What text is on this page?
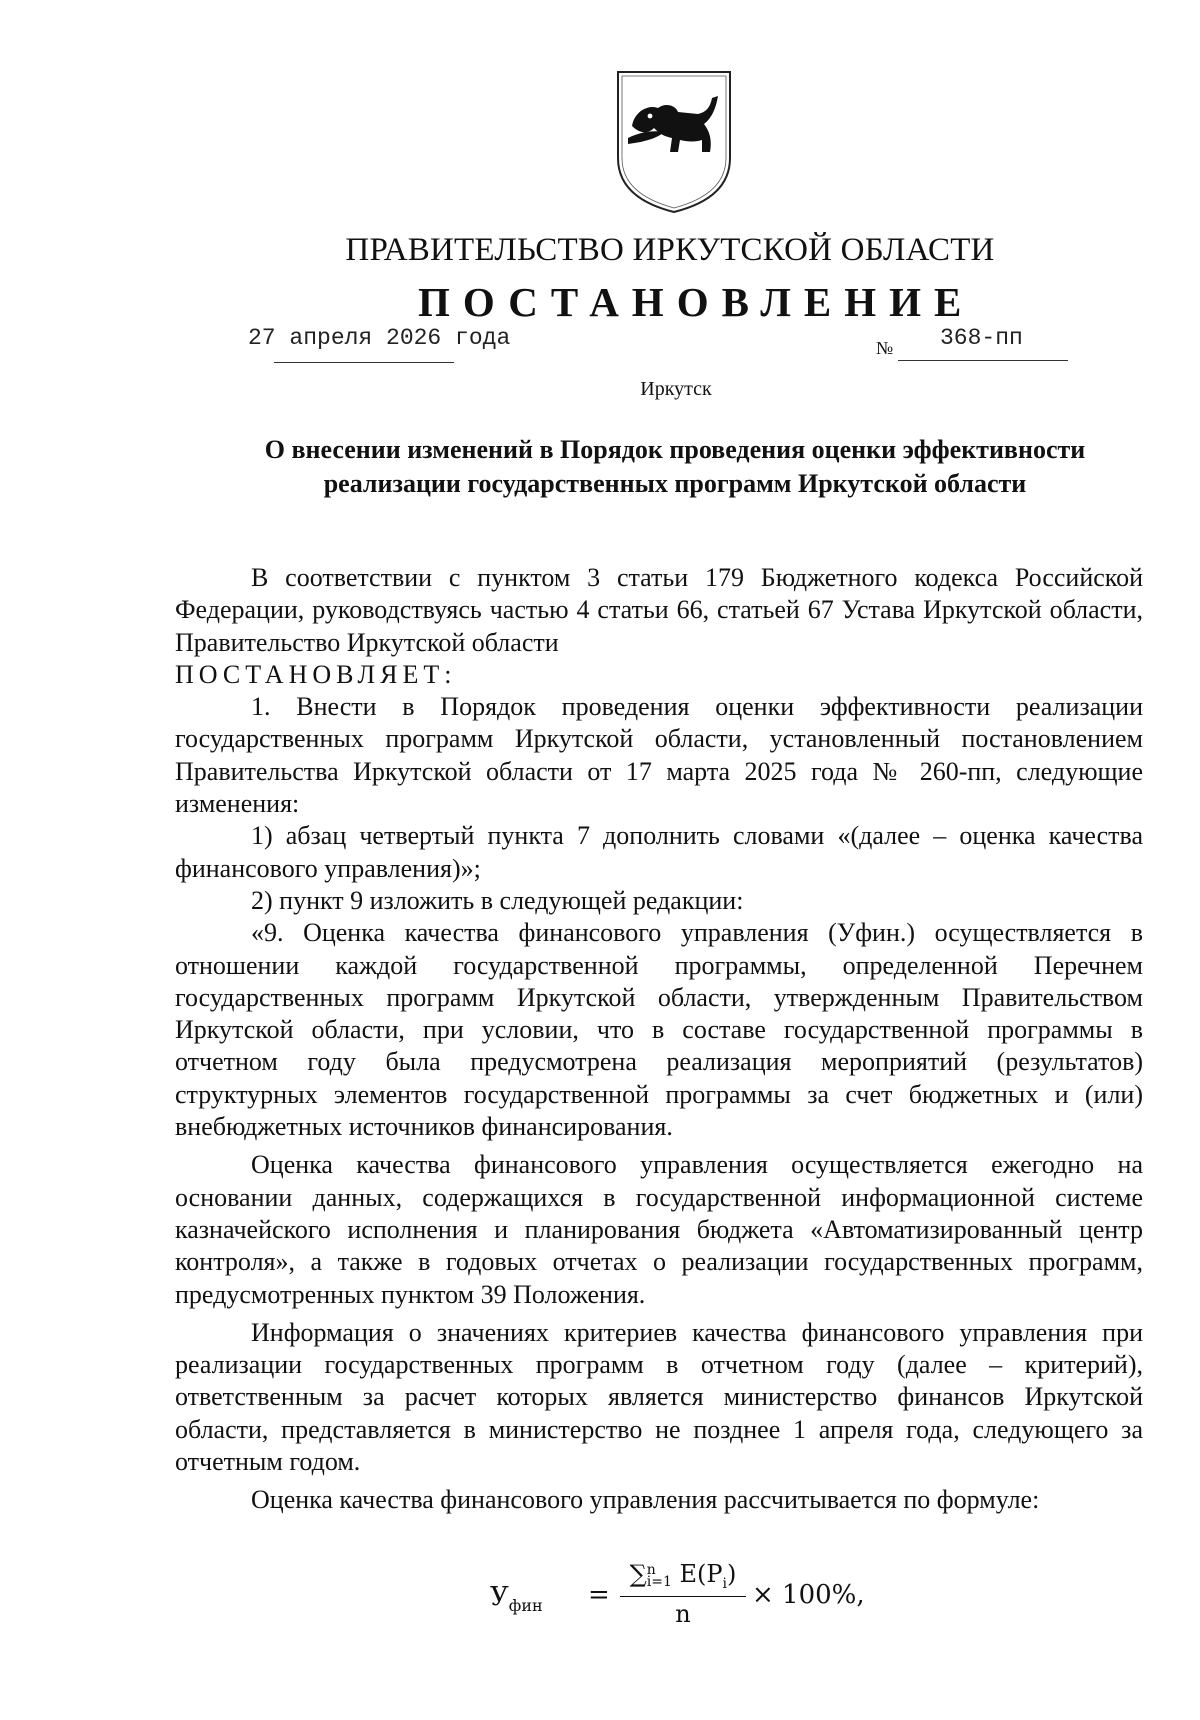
ПРАВИТЕЛЬСТВО ИРКУТСКОЙ ОБЛАСТИ
ПОСТАНОВЛЕНИЕ
27 апреля 2026 года	№ 368-пп
Иркутск
О внесении изменений в Порядок проведения оценки эффективности
реализации государственных программ Иркутской области

В соответствии с пунктом 3 статьи 179 Бюджетного кодекса Российской Федерации, руководствуясь частью 4 статьи 66, статьей 67 Устава Иркутской области, Правительство Иркутской области

ПОСТАНОВЛЯЕТ:

1. Внести в Порядок проведения оценки эффективности реализации государственных программ Иркутской области, установленный постановлением Правительства Иркутской области от 17 марта 2025 года № 260-пп, следующие изменения:

1) абзац четвертый пункта 7 дополнить словами «(далее – оценка качества финансового управления)»;

2) пункт 9 изложить в следующей редакции:

«9. Оценка качества финансового управления (Уфин.) осуществляется в отношении каждой государственной программы, определенной Перечнем государственных программ Иркутской области, утвержденным Правительством Иркутской области, при условии, что в составе государственной программы в отчетном году была предусмотрена реализация мероприятий (результатов) структурных элементов государственной программы за счет бюджетных и (или) внебюджетных источников финансирования.

Оценка качества финансового управления осуществляется ежегодно на основании данных, содержащихся в государственной информационной системе казначейского исполнения и планирования бюджета «Автоматизированный центр контроля», а также в годовых отчетах о реализации государственных программ, предусмотренных пунктом 39 Положения.

Информация о значениях критериев качества финансового управления при реализации государственных программ в отчетном году (далее – критерий), ответственным за расчет которых является министерство финансов Иркутской области, представляется в министерство не позднее 1 апреля года, следующего за отчетным годом.

Оценка качества финансового управления рассчитывается по формуле:

$У_{фин}$ =
∑ n
i=1 $E(P_i)$
n
× 100%,
